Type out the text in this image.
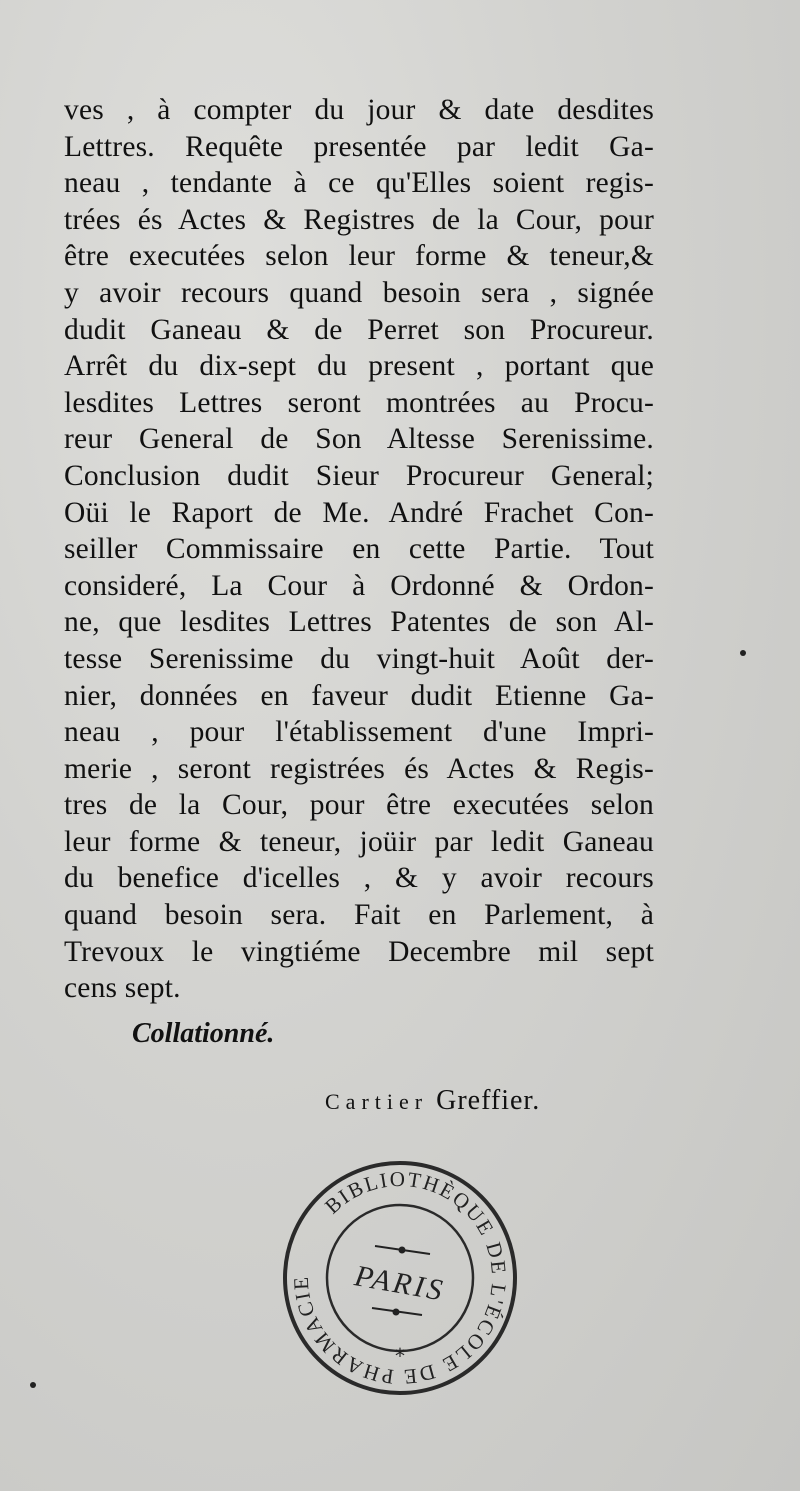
ves , à compter du jour & date desdites
Lettres. Requête presentée par ledit Ga-
neau , tendante à ce qu'Elles soient regis-
trées és Actes & Registres de la Cour, pour
être executées selon leur forme & teneur,&
y avoir recours quand besoin sera , signée
dudit Ganeau & de Perret son Procureur.
Arrêt du dix-sept du present , portant que
lesdites Lettres seront montrées au Procu-
reur General de Son Altesse Serenissime.
Conclusion dudit Sieur Procureur General;
Oüi le Raport de Me. André Frachet Con-
seiller Commissaire en cette Partie. Tout
consideré, La Cour à Ordonné & Ordon-
ne, que lesdites Lettres Patentes de son Al-
tesse Serenissime du vingt-huit Août der-
nier, données en faveur dudit Etienne Ga-
neau , pour l'établissement d'une Impri-
merie , seront registrées és Actes & Regis-
tres de la Cour, pour être executées selon
leur forme & teneur, joüir par ledit Ganeau
du benefice d'icelles , & y avoir recours
quand besoin sera. Fait en Parlement, à
Trevoux le vingtiéme Decembre mil sept
cens sept.
Collationné.
Cartier Greffier.
BIBLIOTHÈQUE DE L'ÉCOLE DE PHARMACIE
*
PARIS
